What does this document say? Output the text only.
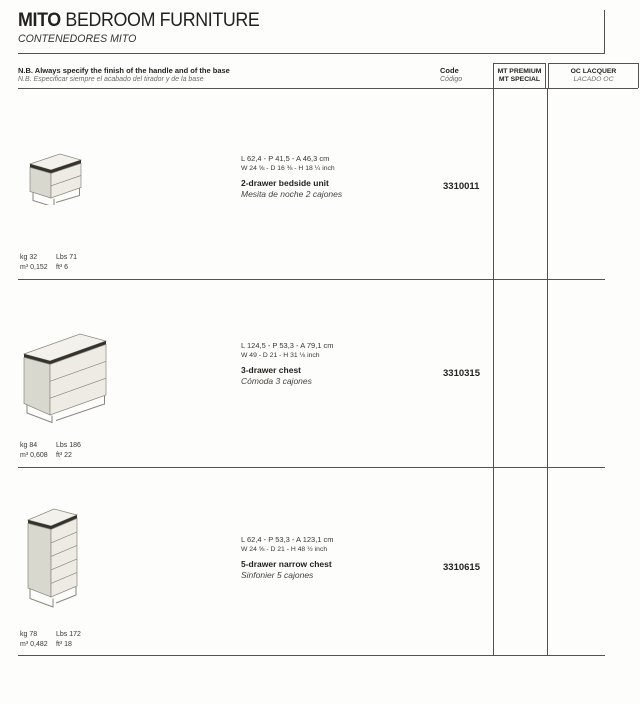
MITO BEDROOM FURNITURE
CONTENEDORES MITO
N.B. Always specify the finish of the handle and of the base
N.B. Especificar siempre el acabado del tirador y de la base
Code
Código
MT PREMIUM
MT SPECIAL
OC LACQUER
LACADO OC
L 62,4 - P 41,5 - A 46,3 cm
W 24 ⅝ - D 16 ⅜ - H 18 ¼ inch
2-drawer bedside unit
Mesita de noche 2 cajones
3310011
kg 32	Lbs 71
m³ 0,152 ft³ 6
L 124,5 - P 53,3 - A 79,1 cm
W 49 - D 21 - H 31 ⅛ inch
3-drawer chest
Cómoda 3 cajones
3310315
kg 84	Lbs 186
m³ 0,608 ft³ 22
L 62,4 - P 53,3 - A 123,1 cm
W 24 ⅝ - D 21 - H 48 ½ inch
5-drawer narrow chest
Sinfonier 5 cajones
3310615
kg 78	Lbs 172
m³ 0,482 ft³ 18
